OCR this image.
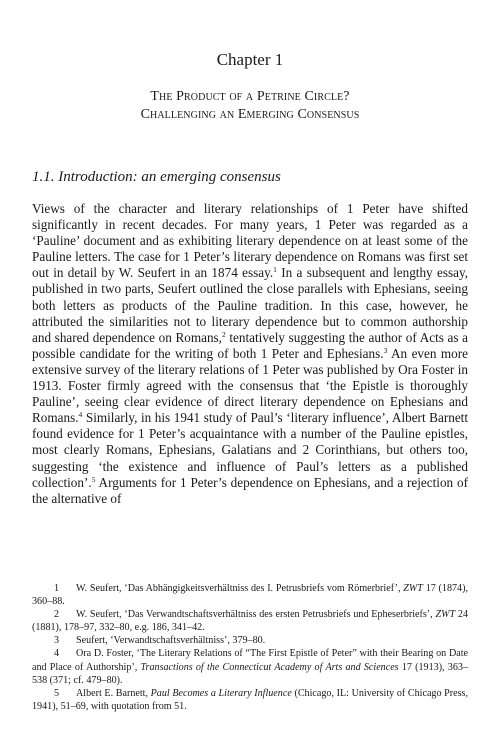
Chapter 1
The Product of a Petrine Circle?
Challenging an Emerging Consensus
1.1. Introduction: an emerging consensus
Views of the character and literary relationships of 1 Peter have shifted significantly in recent decades. For many years, 1 Peter was regarded as a ‘Pauline’ document and as exhibiting literary dependence on at least some of the Pauline letters. The case for 1 Peter’s literary dependence on Romans was first set out in detail by W. Seufert in an 1874 essay.$^1$ In a subsequent and lengthy essay, published in two parts, Seufert outlined the close parallels with Ephesians, seeing both letters as products of the Pauline tradition. In this case, however, he attributed the similarities not to literary dependence but to common authorship and shared dependence on Romans,$^2$ tentatively suggesting the author of Acts as a possible candidate for the writing of both 1 Peter and Ephesians.$^3$ An even more extensive survey of the literary relations of 1 Peter was published by Ora Foster in 1913. Foster firmly agreed with the consensus that ‘the Epistle is thoroughly Pauline’, seeing clear evidence of direct literary dependence on Ephesians and Romans.$^4$ Similarly, in his 1941 study of Paul’s ‘literary influence’, Albert Barnett found evidence for 1 Peter’s acquaintance with a number of the Pauline epistles, most clearly Romans, Ephesians, Galatians and 2 Corinthians, but others too, suggesting ‘the existence and influence of Paul’s letters as a published collection’.$^5$ Arguments for 1 Peter’s dependence on Ephesians, and a rejection of the alternative of

1 W. Seufert, ‘Das Abhängigkeitsverhältniss des I. Petrusbriefs vom Römerbrief’, ZWT 17 (1874), 360–88.

2 W. Seufert, ‘Das Verwandtschaftsverhältniss des ersten Petrusbriefs und Epheserbriefs’, ZWT 24 (1881), 178–97, 332–80, e.g. 186, 341–42.

3 Seufert, ‘Verwandtschaftsverhältniss’, 379–80.

4 Ora D. Foster, ‘The Literary Relations of “The First Epistle of Peter” with their Bearing on Date and Place of Authorship’, Transactions of the Connecticut Academy of Arts and Sciences 17 (1913), 363–538 (371; cf. 479–80).

5 Albert E. Barnett, Paul Becomes a Literary Influence (Chicago, IL: University of Chicago Press, 1941), 51–69, with quotation from 51.
